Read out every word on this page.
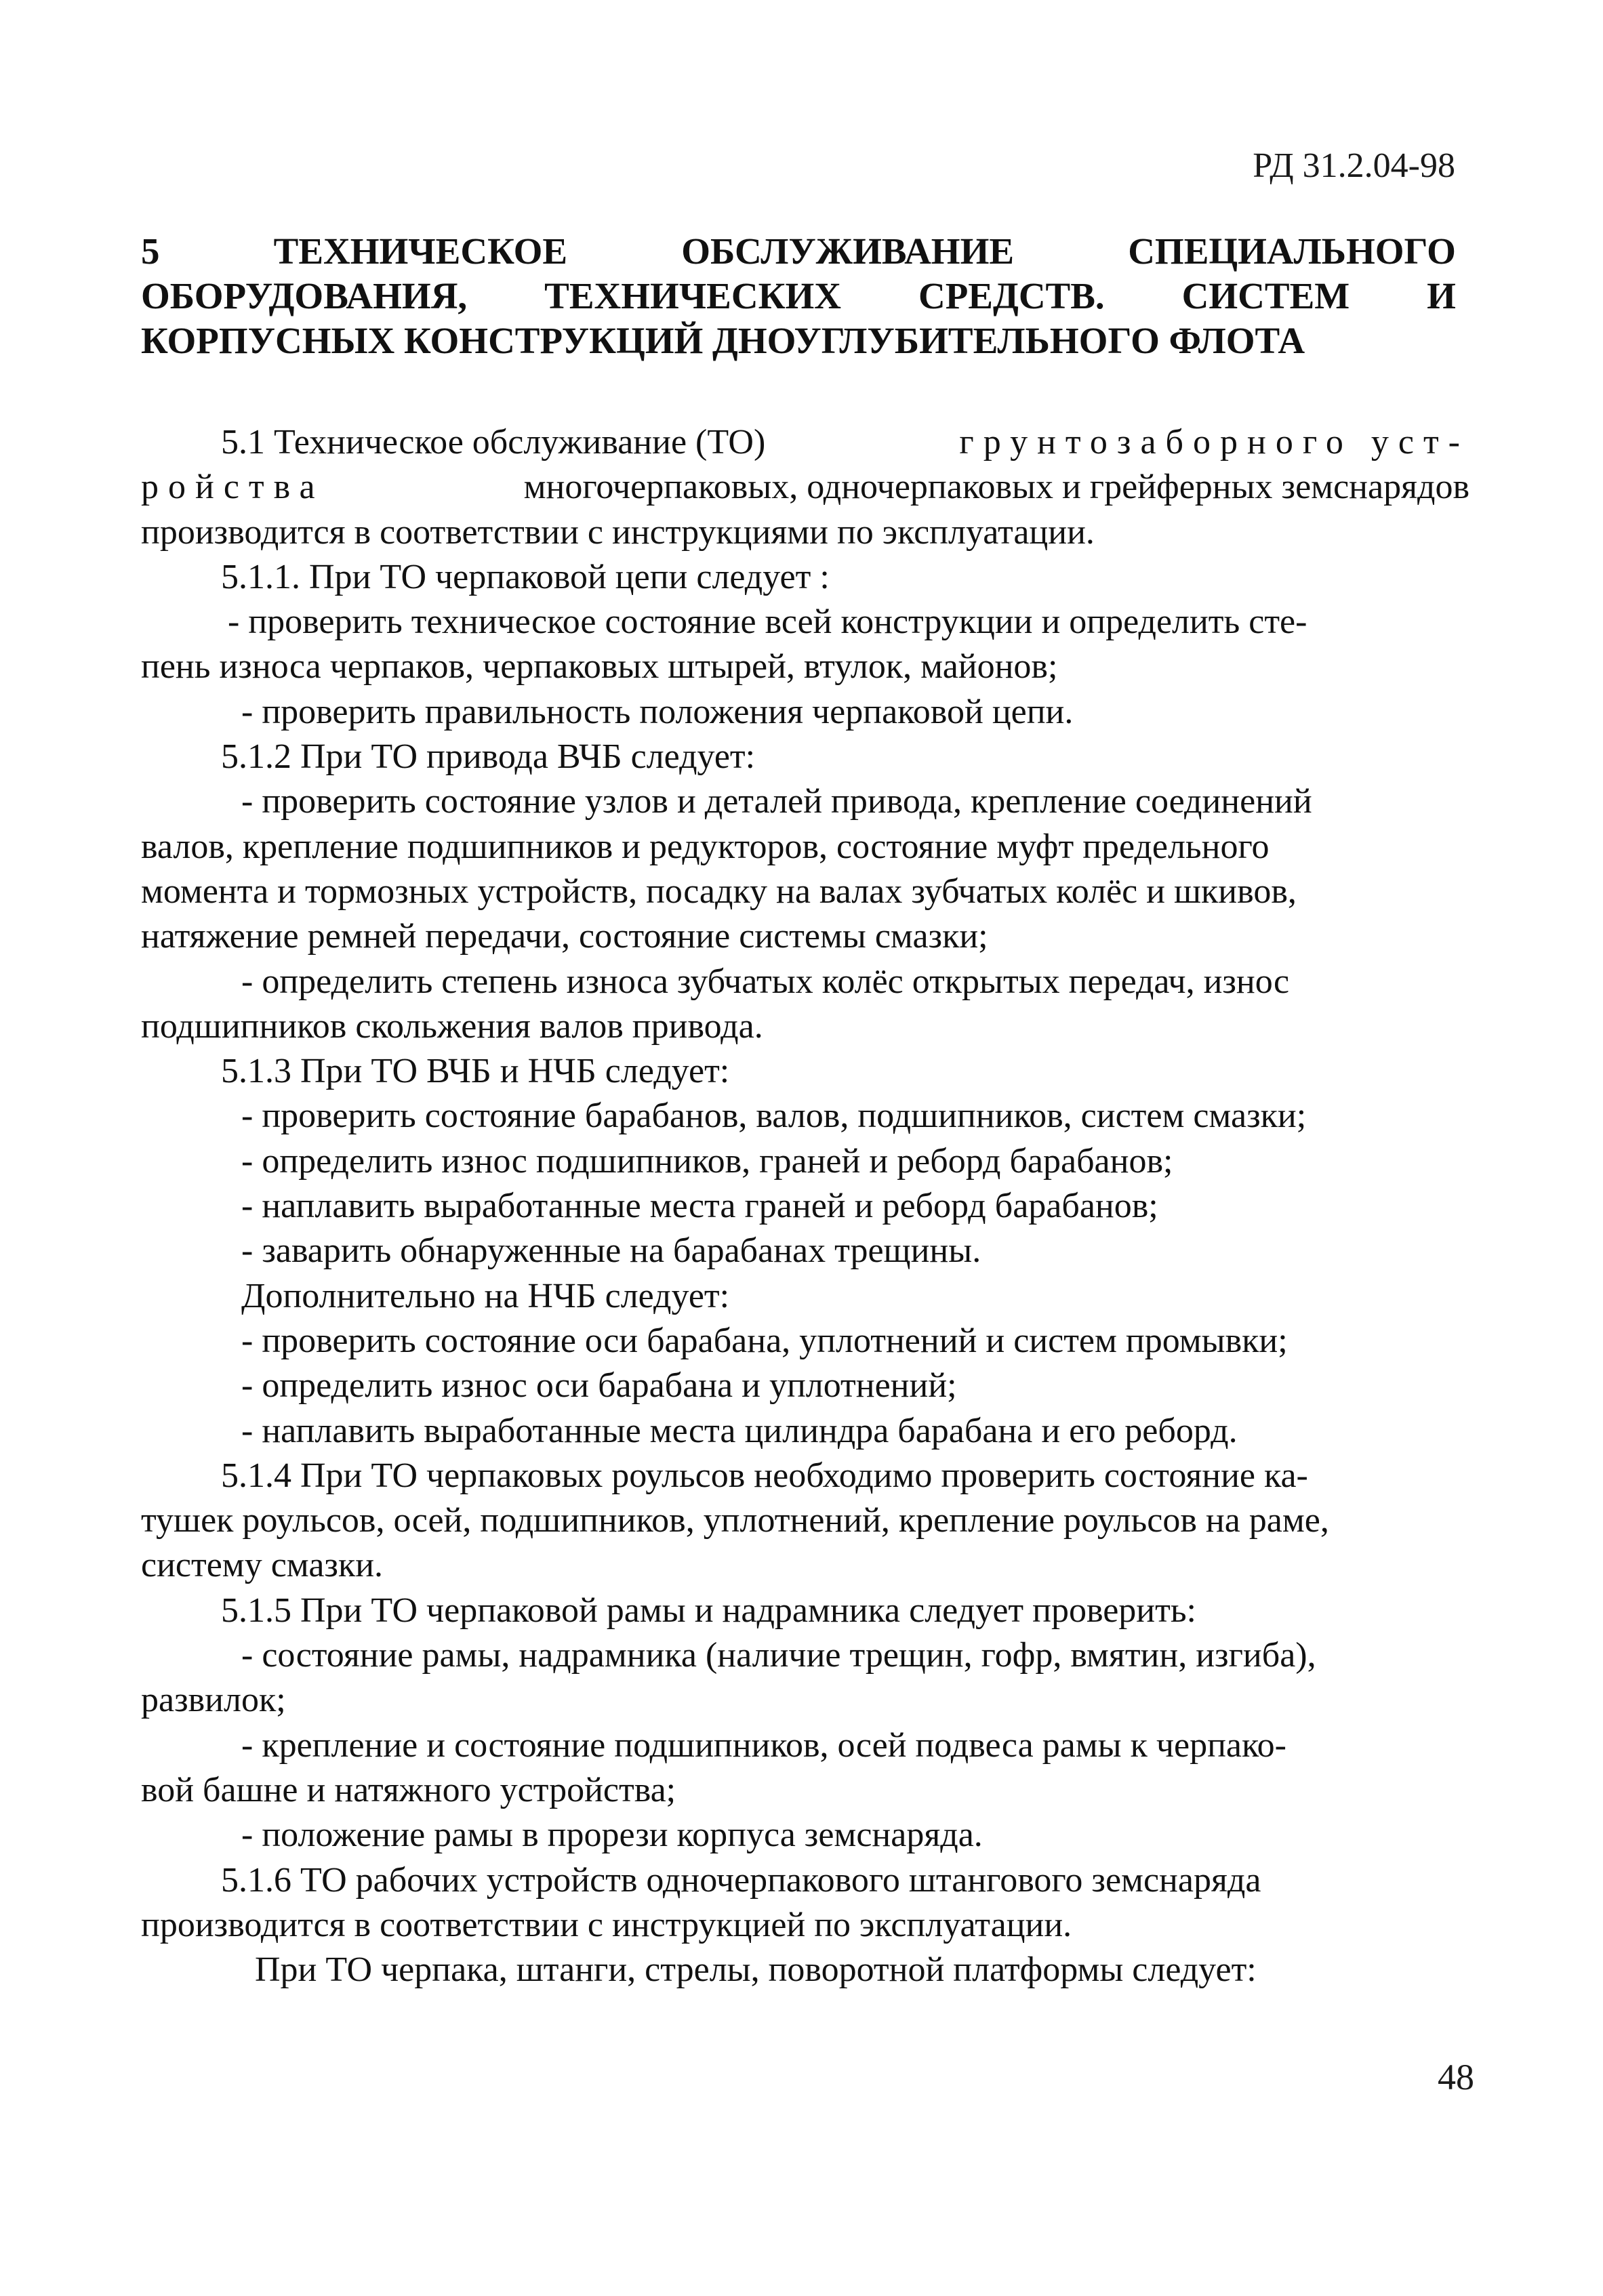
РД 31.2.04-98
5	ТЕХНИЧЕСКОЕ	ОБСЛУЖИВАНИЕ	СПЕЦИАЛЬНОГО
ОБОРУДОВАНИЯ, ТЕХНИЧЕСКИХ СРЕДСТВ. СИСТЕМ И
КОРПУСНЫХ КОНСТРУКЦИЙ ДНОУГЛУБИТЕЛЬНОГО ФЛОТА
5.1 Техническое обслуживание (ТО)	грунтозаборного уст-
ройства	многочерпаковых, одночерпаковых и грейферных земснарядов
производится в соответствии с инструкциями по эксплуатации.
5.1.1. При ТО черпаковой цепи следует :
- проверить техническое состояние всей конструкции и определить сте-
пень износа черпаков, черпаковых штырей, втулок, майонов;
- проверить правильность положения черпаковой цепи.
5.1.2 При ТО привода ВЧБ следует:
- проверить состояние узлов и деталей привода, крепление соединений
валов, крепление подшипников и редукторов, состояние муфт предельного
момента и тормозных устройств, посадку на валах зубчатых колёс и шкивов,
натяжение ремней передачи, состояние системы смазки;
- определить степень износа зубчатых колёс открытых передач, износ
подшипников скольжения валов привода.
5.1.3 При ТО ВЧБ и НЧБ следует:
- проверить состояние барабанов, валов, подшипников, систем смазки;
- определить износ подшипников, граней и реборд барабанов;
- наплавить выработанные места граней и реборд барабанов;
- заварить обнаруженные на барабанах трещины.
Дополнительно на НЧБ следует:
- проверить состояние оси барабана, уплотнений и систем промывки;
- определить износ оси барабана и уплотнений;
- наплавить выработанные места цилиндра барабана и его реборд.
5.1.4 При ТО черпаковых роульсов необходимо проверить состояние ка-
тушек роульсов, осей, подшипников, уплотнений, крепление роульсов на раме,
систему смазки.
5.1.5 При ТО черпаковой рамы и надрамника следует проверить:
- состояние рамы, надрамника (наличие трещин, гофр, вмятин, изгиба),
развилок;
- крепление и состояние подшипников, осей подвеса рамы к черпако-
вой башне и натяжного устройства;
- положение рамы в прорези корпуса земснаряда.
5.1.6 ТО рабочих устройств одночерпакового штангового земснаряда
производится в соответствии с инструкцией по эксплуатации.
При ТО черпака, штанги, стрелы, поворотной платформы следует:
48
